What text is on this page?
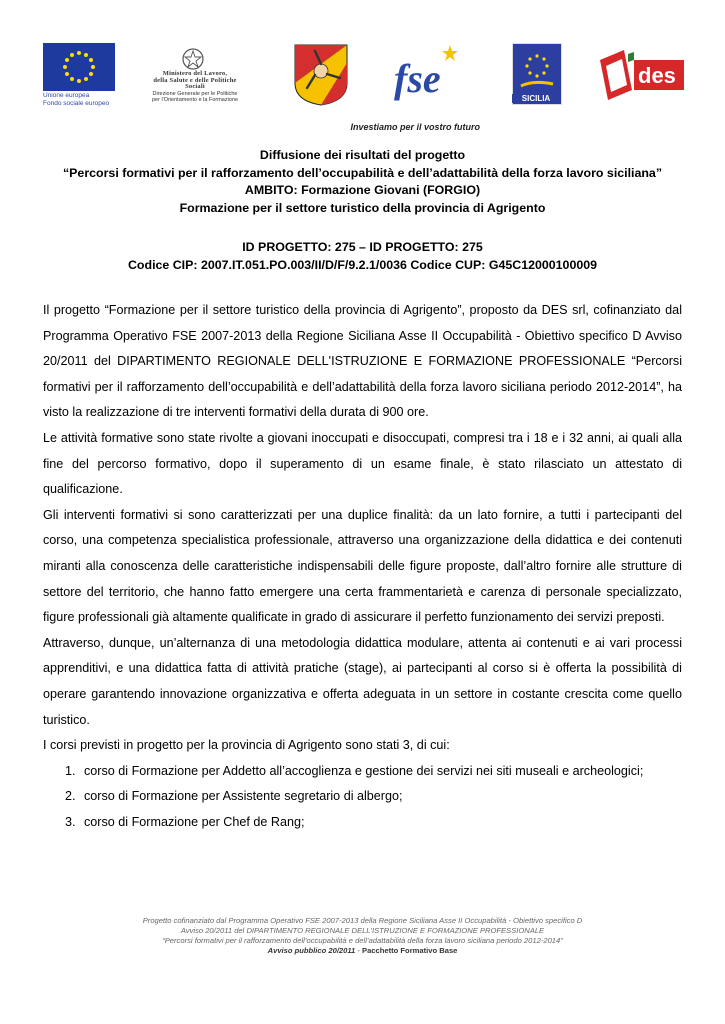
Unione europea
Fondo sociale europeo
Ministero del Lavoro,
della Salute e delle Politiche Sociali
Direzione Generale per le Politiche
per l'Orientamento e la Formazione	fse	SICILIA
des
Investiamo per il vostro futuro
Diffusione dei risultati del progetto
“Percorsi formativi per il rafforzamento dell’occupabilità e dell’adattabilità della forza lavoro siciliana”
AMBITO: Formazione Giovani (FORGIO)
Formazione per il settore turistico della provincia di Agrigento
ID PROGETTO: 275 – ID PROGETTO: 275
Codice CIP: 2007.IT.051.PO.003/II/D/F/9.2.1/0036 Codice CUP: G45C12000100009

Il progetto “Formazione per il settore turistico della provincia di Agrigento”, proposto da DES srl, cofinanziato dal Programma Operativo FSE 2007-2013 della Regione Siciliana Asse II Occupabilità - Obiettivo specifico D Avviso 20/2011 del DIPARTIMENTO REGIONALE DELL'ISTRUZIONE E FORMAZIONE PROFESSIONALE “Percorsi formativi per il rafforzamento dell’occupabilità e dell’adattabilità della forza lavoro siciliana periodo 2012-2014”, ha visto la realizzazione di tre interventi formativi della durata di 900 ore.

Le attività formative sono state rivolte a giovani inoccupati e disoccupati, compresi tra i 18 e i 32 anni, ai quali alla fine del percorso formativo, dopo il superamento di un esame finale, è stato rilasciato un attestato di qualificazione.

Gli interventi formativi si sono caratterizzati per una duplice finalità: da un lato fornire, a tutti i partecipanti del corso, una competenza specialistica professionale, attraverso una organizzazione della didattica e dei contenuti miranti alla conoscenza delle caratteristiche indispensabili delle figure proposte, dall’altro fornire alle strutture di settore del territorio, che hanno fatto emergere una certa frammentarietà e carenza di personale specializzato, figure professionali già altamente qualificate in grado di assicurare il perfetto funzionamento dei servizi preposti.

Attraverso, dunque, un’alternanza di una metodologia didattica modulare, attenta ai contenuti e ai vari processi apprenditivi, e una didattica fatta di attività pratiche (stage), ai partecipanti al corso si è offerta la possibilità di operare garantendo innovazione organizzativa e offerta adeguata in un settore in costante crescita come quello turistico.

I corsi previsti in progetto per la provincia di Agrigento sono stati 3, di cui:

1. corso di Formazione per Addetto all’accoglienza e gestione dei servizi nei siti museali e archeologici;
2. corso di Formazione per Assistente segretario di albergo;
3. corso di Formazione per Chef de Rang;
Progetto cofinanziato dal Programma Operativo FSE 2007-2013 della Regione Siciliana Asse II Occupabilità - Obiettivo specifico D
Avviso 20/2011 del DIPARTIMENTO REGIONALE DELL'ISTRUZIONE E FORMAZIONE PROFESSIONALE
“Percorsi formativi per il rafforzamento dell’occupabilità e dell’adattabilità della forza lavoro siciliana periodo 2012-2014”
Avviso pubblico 20/2011 - Pacchetto Formativo Base
